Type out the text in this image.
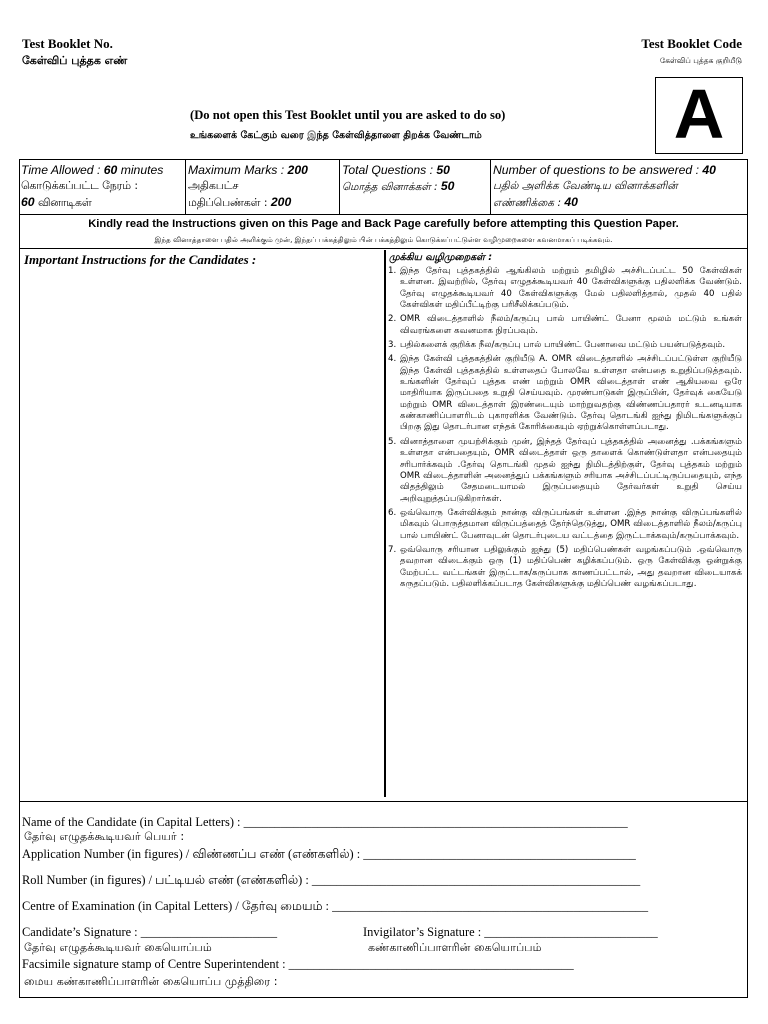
Test Booklet No.
கேள்விப் புத்தக எண்
Test Booklet Code
கேள்விப் புத்தக குறியீடு
A
(Do not open this Test Booklet until you are asked to do so)
உங்களைக் கேட்கும் வரை இந்த கேள்வித்தாளை திறக்க வேண்டாம்
Time Allowed : 60 minutes
கொடுக்கப்பட்ட நேரம் :
60 வினாடிகள்
Maximum Marks : 200
அதிகபட்ச
மதிப்பெண்கள் : 200
Total Questions : 50
மொத்த வினாக்கள் : 50
Number of questions to be answered : 40
பதில் அளிக்க வேண்டிய வினாக்களின்
எண்ணிக்கை : 40
Kindly read the Instructions given on this Page and Back Page carefully before attempting this Question Paper.
இந்த வினாத்தாளை பதில் அளிக்கும் முன், இந்தப் பக்கத்திலும் பின் பக்கத்திலும் கொடுக்கப்பட்டுள்ள வழிமுறைகளை கவனமாகப் படிக்கவும்.
Important Instructions for the Candidates :	முக்கிய வழிமுறைகள் :
1. இந்த தேர்வு புத்தகத்தில் ஆங்கிலம் மற்றும் தமிழில் அச்சிடப்பட்ட 50 கேள்விகள் உள்ளன. இவற்றில், தேர்வு எழுதக்கூடியவர் 40 கேள்விகளுக்கு பதிலளிக்க வேண்டும். தேர்வு எழுதக்கூடியவர் 40 கேள்விகளுக்கு மேல் பதிலளித்தால், முதல் 40 பதில் கேள்விகள் மதிப்பீட்டிற்கு பரிசீலிக்கப்படும்.
2. OMR விடைத்தாளில் நீலம்/கருப்பு பால் பாயிண்ட் பேனா மூலம் மட்டும் உங்கள் விவரங்களை கவனமாக நிரப்பவும்.
3. பதில்களைக் குறிக்க நீல/கருப்பு பால் பாயிண்ட் பேனாவை மட்டும் பயன்படுத்தவும்.
4. இந்த கேள்வி புத்தகத்தின் குறியீடு A. OMR விடைத்தாளில் அச்சிடப்பட்டுள்ள குறியீடு இந்த கேள்வி புத்தகத்தில் உள்ளதைப் போலவே உள்ளதா என்பதை உறுதிப்படுத்தவும். உங்களின் தேர்வுப் புத்தக எண் மற்றும் OMR விடைத்தாள் எண் ஆகியவை ஒரே மாதிரியாக இருப்பதை உறுதி செய்யவும். முரண்பாடுகள் இருப்பின், தேர்வுக் கையேடு மற்றும் OMR விடைத்தாள் இரண்டையும் மாற்றுவதற்கு விண்ணப்பதாரர் உடனடியாக கண்காணிப்பாளரிடம் புகாரளிக்க வேண்டும். தேர்வு தொடங்கி ஐந்து நிமிடங்களுக்குப் பிறகு இது தொடர்பான எந்தக் கோரிக்கையும் ஏற்றுக்கொள்ளப்படாது.
5. வினாத்தாளை முயற்சிக்கும் முன், இந்தத் தேர்வுப் புத்தகத்தில் அனைத்து .பக்கங்களும் உள்ளதா என்பதையும், OMR விடைத்தாள் ஒரு தாளைக் கொண்டுள்ளதா என்பதையும் சரிபார்க்கவும் .தேர்வு தொடங்கி முதல் ஐந்து நிமிடத்திற்குள், தேர்வு புத்தகம் மற்றும் OMR விடைத்தாளின் அனைத்துப் பக்கங்களும் சரியாக அச்சிடப்பட்டிருப்பதையும், எந்த விதத்திலும் சேதமடையாமல் இருப்பதையும் தேர்வர்கள் உறுதி செய்ய அறிவுறுத்தப்படுகிறார்கள்.
6. ஒவ்வொரு கேள்விக்கும் நான்கு விருப்பங்கள் உள்ளன .இந்த நான்கு விருப்பங்களில் மிகவும் பொருத்தமான விருப்பத்தைத் தேர்ந்தெடுத்து, OMR விடைத்தாளில் நீலம்/கருப்பு பால் பாயிண்ட் பேனாவுடன் தொடர்புடைய வட்டத்தை இருட்டாக்கவும்/கருப்பாக்கவும்.
7. ஒவ்வொரு சரியான பதிலுக்கும் ஐந்து (5) மதிப்பெண்கள் வழங்கப்படும் .ஒவ்வொரு தவறான விடைக்கும் ஒரு (1) மதிப்பெண் கழிக்கப்படும். ஒரு கேள்விக்கு ஒன்றுக்கு மேற்பட்ட வட்டங்கள் இருட்டாக/கருப்பாக காணப்பட்டால், அது தவறான விடையாகக் கருதப்படும். பதிலளிக்கப்படாத கேள்விகளுக்கு மதிப்பெண் வழங்கப்படாது.
Name of the Candidate (in Capital Letters) : ______________________________________________________________
தேர்வு எழுதக்கூடியவர் பெயர் :
Application Number (in figures) / விண்ணப்ப எண் (எண்களில்) : ____________________________________________
Roll Number (in figures) / பட்டியல் எண் (எண்களில்) : _____________________________________________________
Centre of Examination (in Capital Letters) / தேர்வு மையம் : ___________________________________________________
Candidate’s Signature : ______________________	Invigilator’s Signature : ____________________________
தேர்வு எழுதக்கூடியவர் கையொப்பம்	கண்காணிப்பாளரின் கையொப்பம்
Facsimile signature stamp of Centre Superintendent : ______________________________________________
மைய கண்காணிப்பாளரின் கையொப்ப முத்திரை :
